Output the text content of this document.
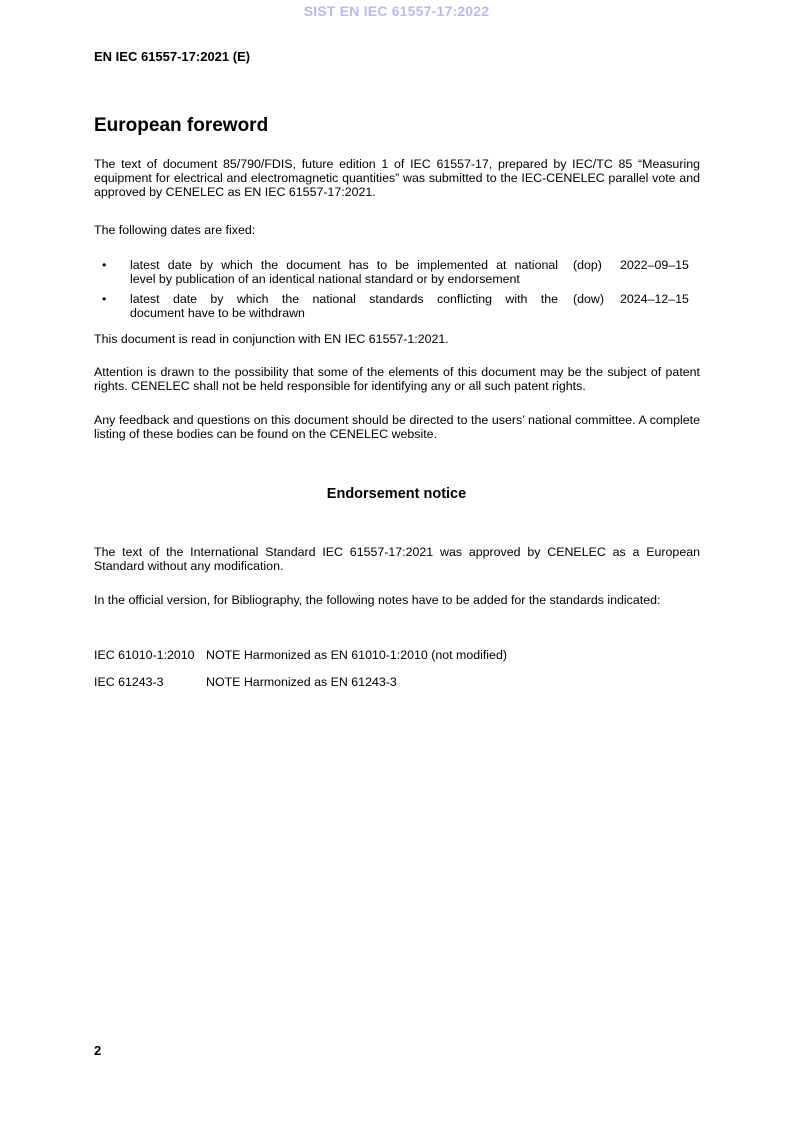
SIST EN IEC 61557-17:2022
EN IEC 61557-17:2021 (E)
European foreword

The text of document 85/790/FDIS, future edition 1 of IEC 61557-17, prepared by IEC/TC 85 “Measuring equipment for electrical and electromagnetic quantities” was submitted to the IEC-CENELEC parallel vote and approved by CENELEC as EN IEC 61557-17:2021.

The following dates are fixed:

• latest date by which the document has to be implemented at national (dop) 2022–09–15
level by publication of an identical national standard or by endorsement
• latest date by which the national standards conflicting with the (dow) 2024–12–15
document have to be withdrawn

This document is read in conjunction with EN IEC 61557-1:2021.

Attention is drawn to the possibility that some of the elements of this document may be the subject of patent rights. CENELEC shall not be held responsible for identifying any or all such patent rights.

Any feedback and questions on this document should be directed to the users’ national committee. A complete listing of these bodies can be found on the CENELEC website.

Endorsement notice

The text of the International Standard IEC 61557-17:2021 was approved by CENELEC as a European Standard without any modification.

In the official version, for Bibliography, the following notes have to be added for the standards indicated:

IEC 61010-1:2010 NOTE Harmonized as EN 61010-1:2010 (not modified)
IEC 61243-3	NOTE Harmonized as EN 61243-3
2
